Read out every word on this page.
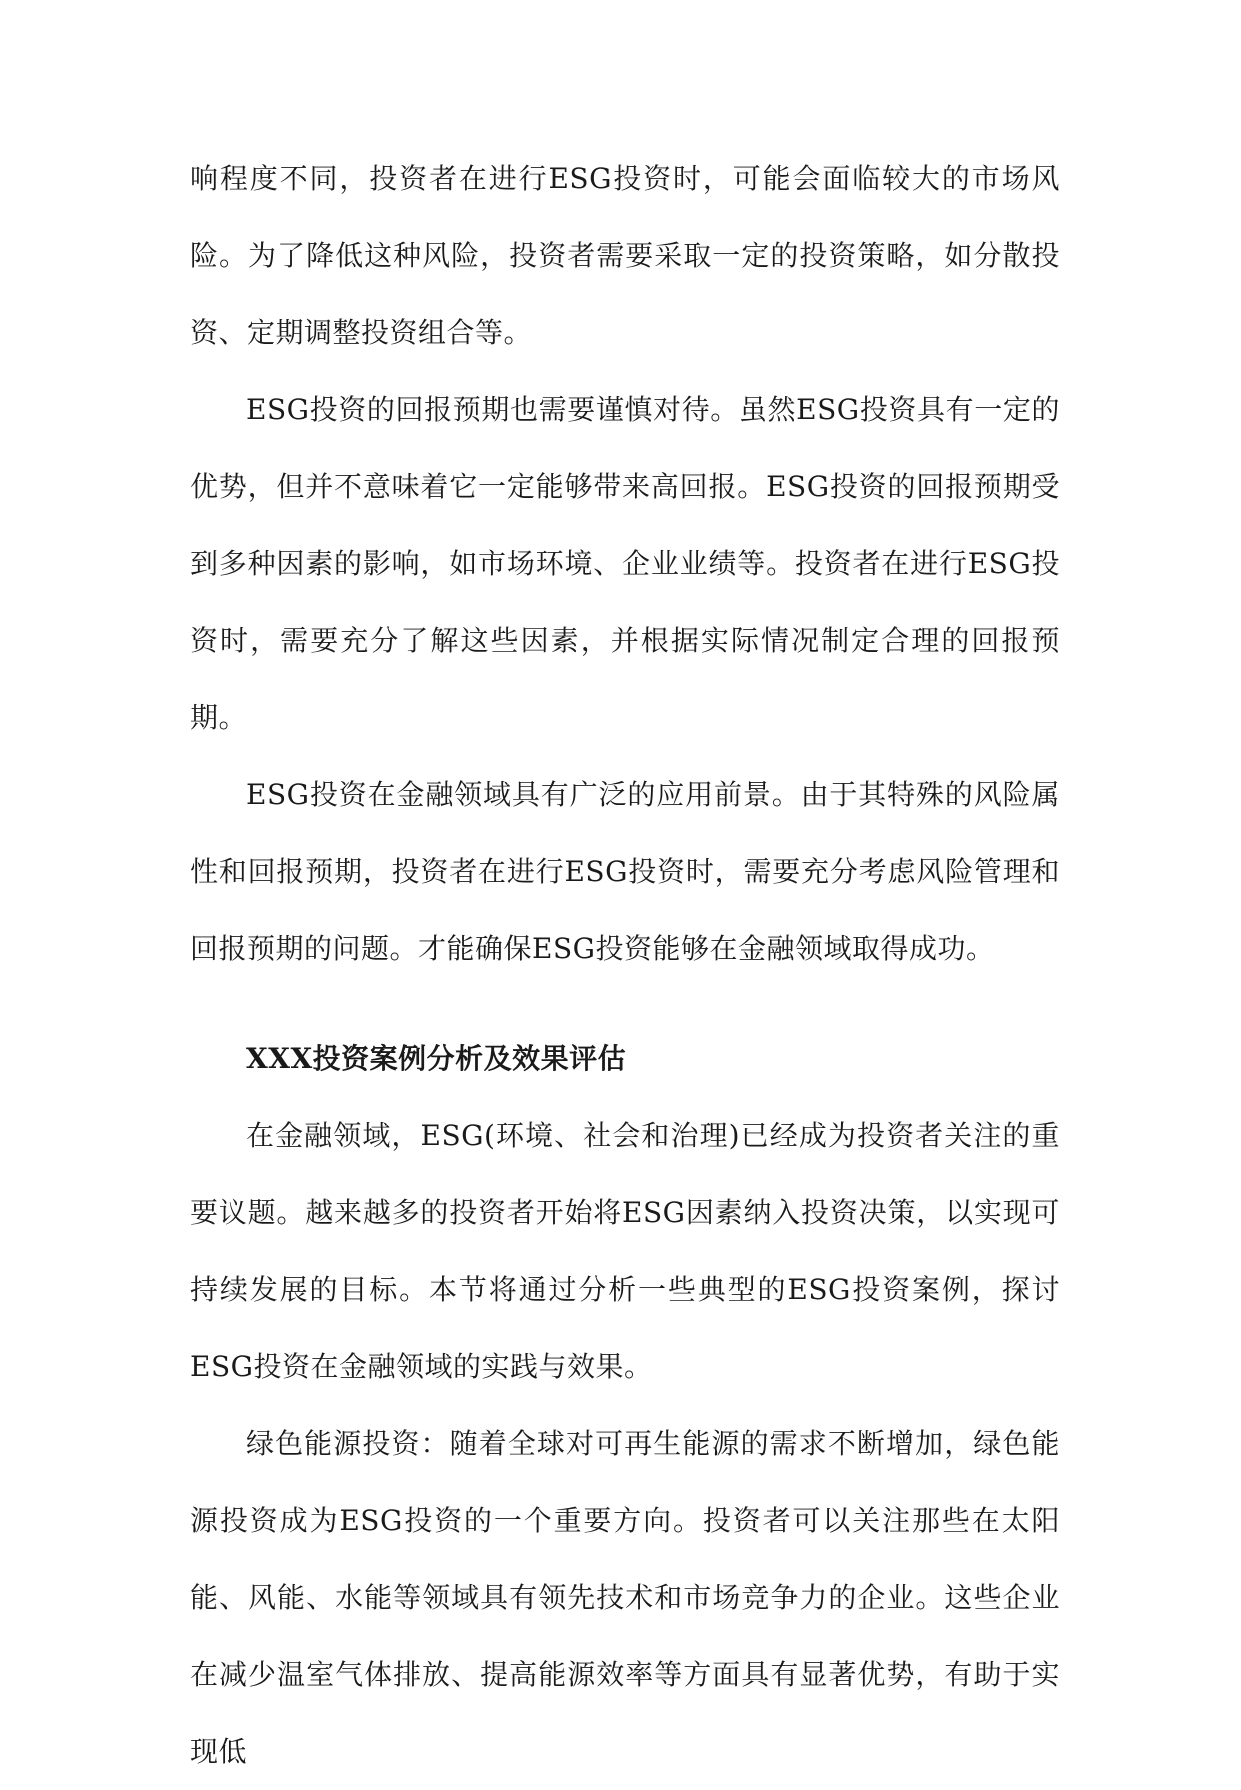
响程度不同，投资者在进行ESG投资时，可能会面临较大的市场风险。为了降低这种风险，投资者需要采取一定的投资策略，如分散投资、定期调整投资组合等。

ESG投资的回报预期也需要谨慎对待。虽然ESG投资具有一定的优势，但并不意味着它一定能够带来高回报。ESG投资的回报预期受到多种因素的影响，如市场环境、企业业绩等。投资者在进行ESG投资时，需要充分了解这些因素，并根据实际情况制定合理的回报预期。

ESG投资在金融领域具有广泛的应用前景。由于其特殊的风险属性和回报预期，投资者在进行ESG投资时，需要充分考虑风险管理和回报预期的问题。才能确保ESG投资能够在金融领域取得成功。

XXX投资案例分析及效果评估

在金融领域，ESG(环境、社会和治理)已经成为投资者关注的重要议题。越来越多的投资者开始将ESG因素纳入投资决策，以实现可持续发展的目标。本节将通过分析一些典型的ESG投资案例，探讨ESG投资在金融领域的实践与效果。

绿色能源投资：随着全球对可再生能源的需求不断增加，绿色能源投资成为ESG投资的一个重要方向。投资者可以关注那些在太阳能、风能、水能等领域具有领先技术和市场竞争力的企业。这些企业在减少温室气体排放、提高能源效率等方面具有显著优势，有助于实现低
